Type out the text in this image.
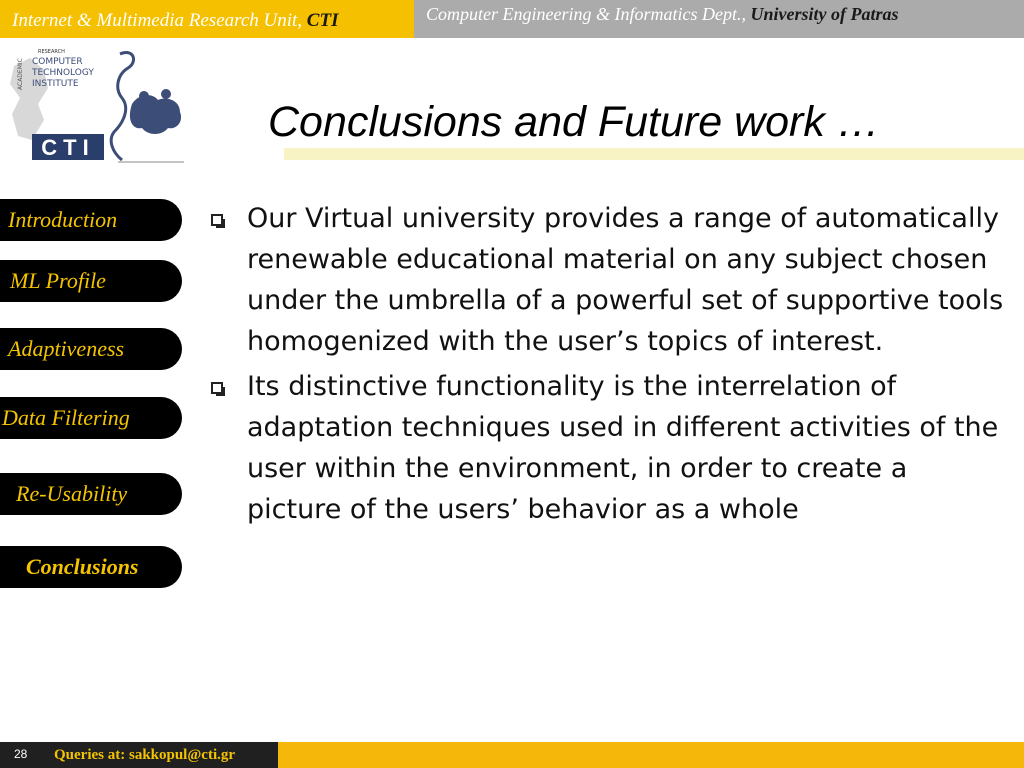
Internet & Multimedia Research Unit, CTI	Computer Engineering & Informatics Dept., University of Patras
ACADEMIC
RESEARCH
COMPUTER
TECHNOLOGY
INSTITUTE
CTI
Conclusions and Future work …
Introduction
ML Profile
Adaptiveness
Data Filtering
Re-Usability
Conclusions
Our Virtual university provides a range of automatically renewable educational material on any subject chosen under the umbrella of a powerful set of supportive tools homogenized with the user’s topics of interest.
Its distinctive functionality is the interrelation of adaptation techniques used in different activities of the user within the environment, in order to create a picture of the users’ behavior as a whole
28 Queries at: sakkopul@cti.gr
